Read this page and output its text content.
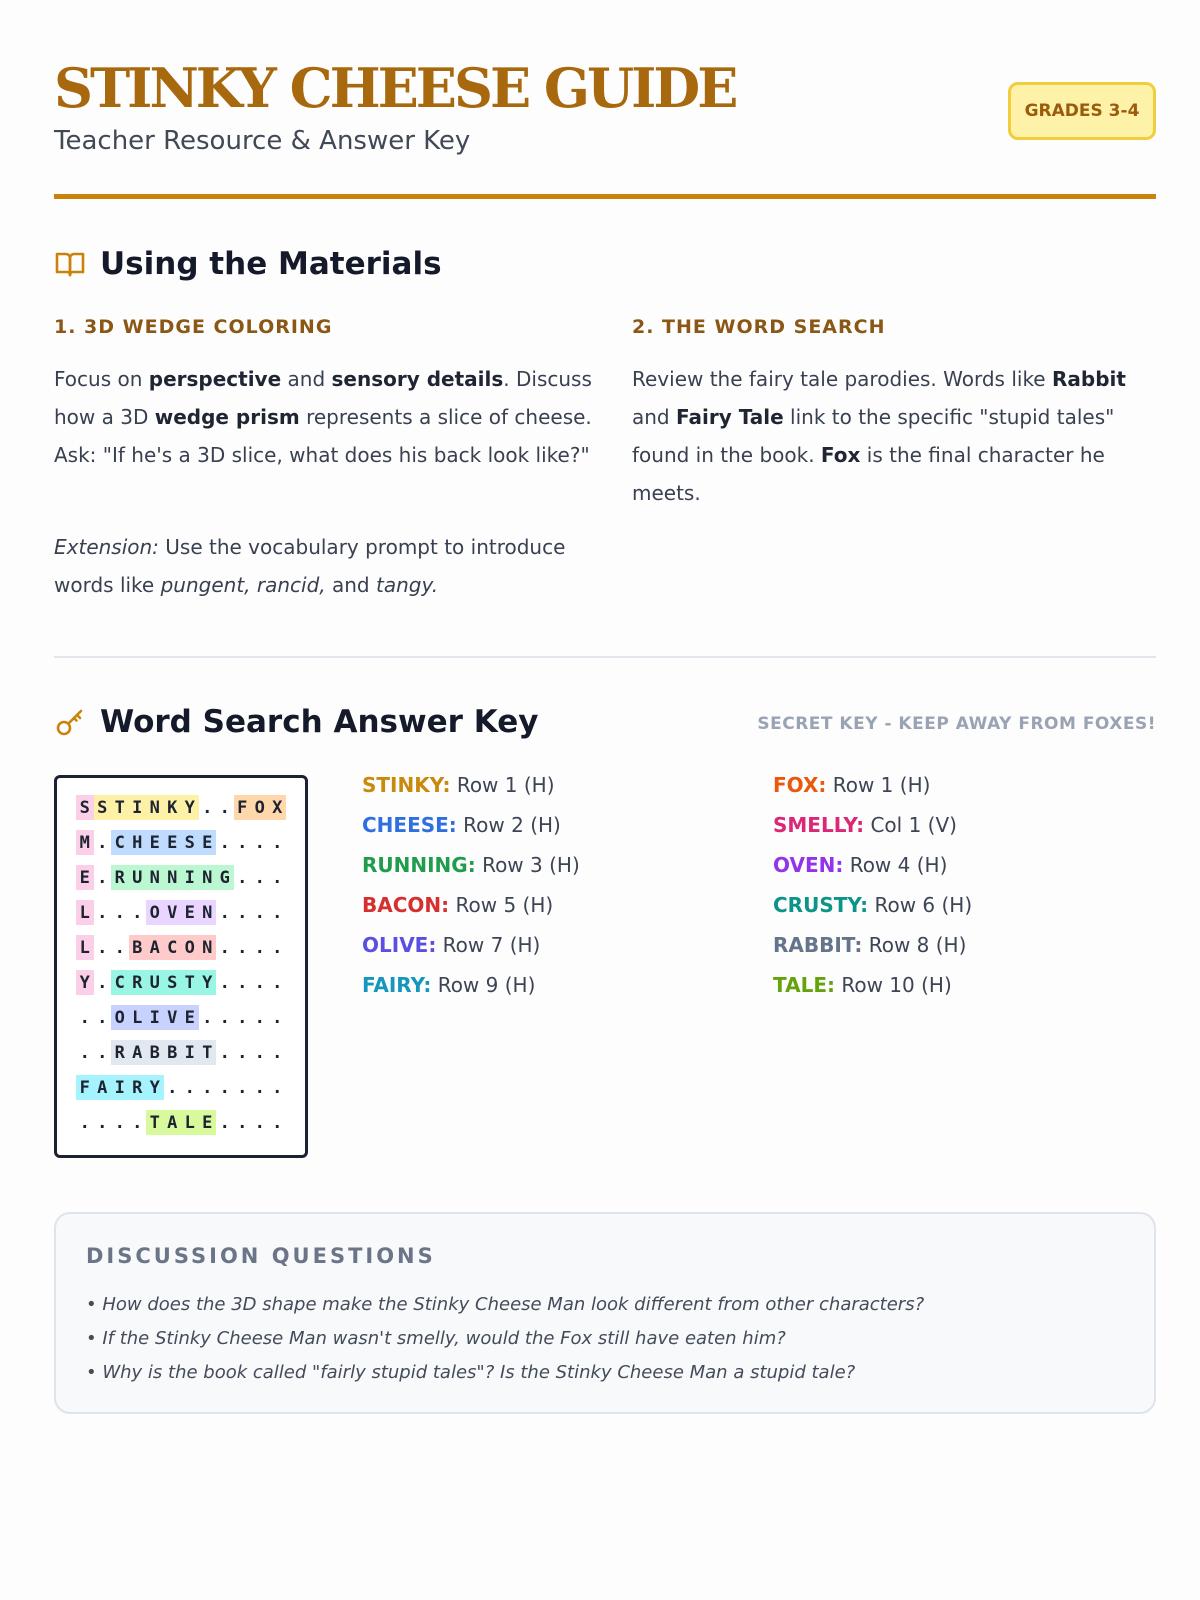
STINKY CHEESE GUIDE
Teacher Resource & Answer Key
GRADES 3-4
Using the Materials
1. 3D WEDGE COLORING	2. THE WORD SEARCH
Focus on perspective and sensory details. Discuss how a 3D wedge prism represents a slice of cheese. Ask: "If he's a 3D slice, what does his back look like?"
Extension: Use the vocabulary prompt to introduce words like pungent, rancid, and tangy.
Review the fairy tale parodies. Words like Rabbit and Fairy Tale link to the specific "stupid tales" found in the book. Fox is the final character he meets.
Word Search Answer Key	SECRET KEY - KEEP AWAY FROM FOXES!
S S T I N K Y . . F O X
M . C H E E S E . . . .
E . R U N N I N G . . .
L . . . O V E N . . . .
L . . B A C O N . . . .
Y . C R U S T Y . . . .
. . O L I V E . . . . .
. . R A B B I T . . . .
F A I R Y . . . . . . .
. . . . T A L E . . . .
STINKY: Row 1 (H)
CHEESE: Row 2 (H)
RUNNING: Row 3 (H)
BACON: Row 5 (H)
OLIVE: Row 7 (H)
FAIRY: Row 9 (H)
FOX: Row 1 (H)
SMELLY: Col 1 (V)
OVEN: Row 4 (H)
CRUSTY: Row 6 (H)
RABBIT: Row 8 (H)
TALE: Row 10 (H)
DISCUSSION QUESTIONS
• How does the 3D shape make the Stinky Cheese Man look different from other characters?
• If the Stinky Cheese Man wasn't smelly, would the Fox still have eaten him?
• Why is the book called "fairly stupid tales"? Is the Stinky Cheese Man a stupid tale?
